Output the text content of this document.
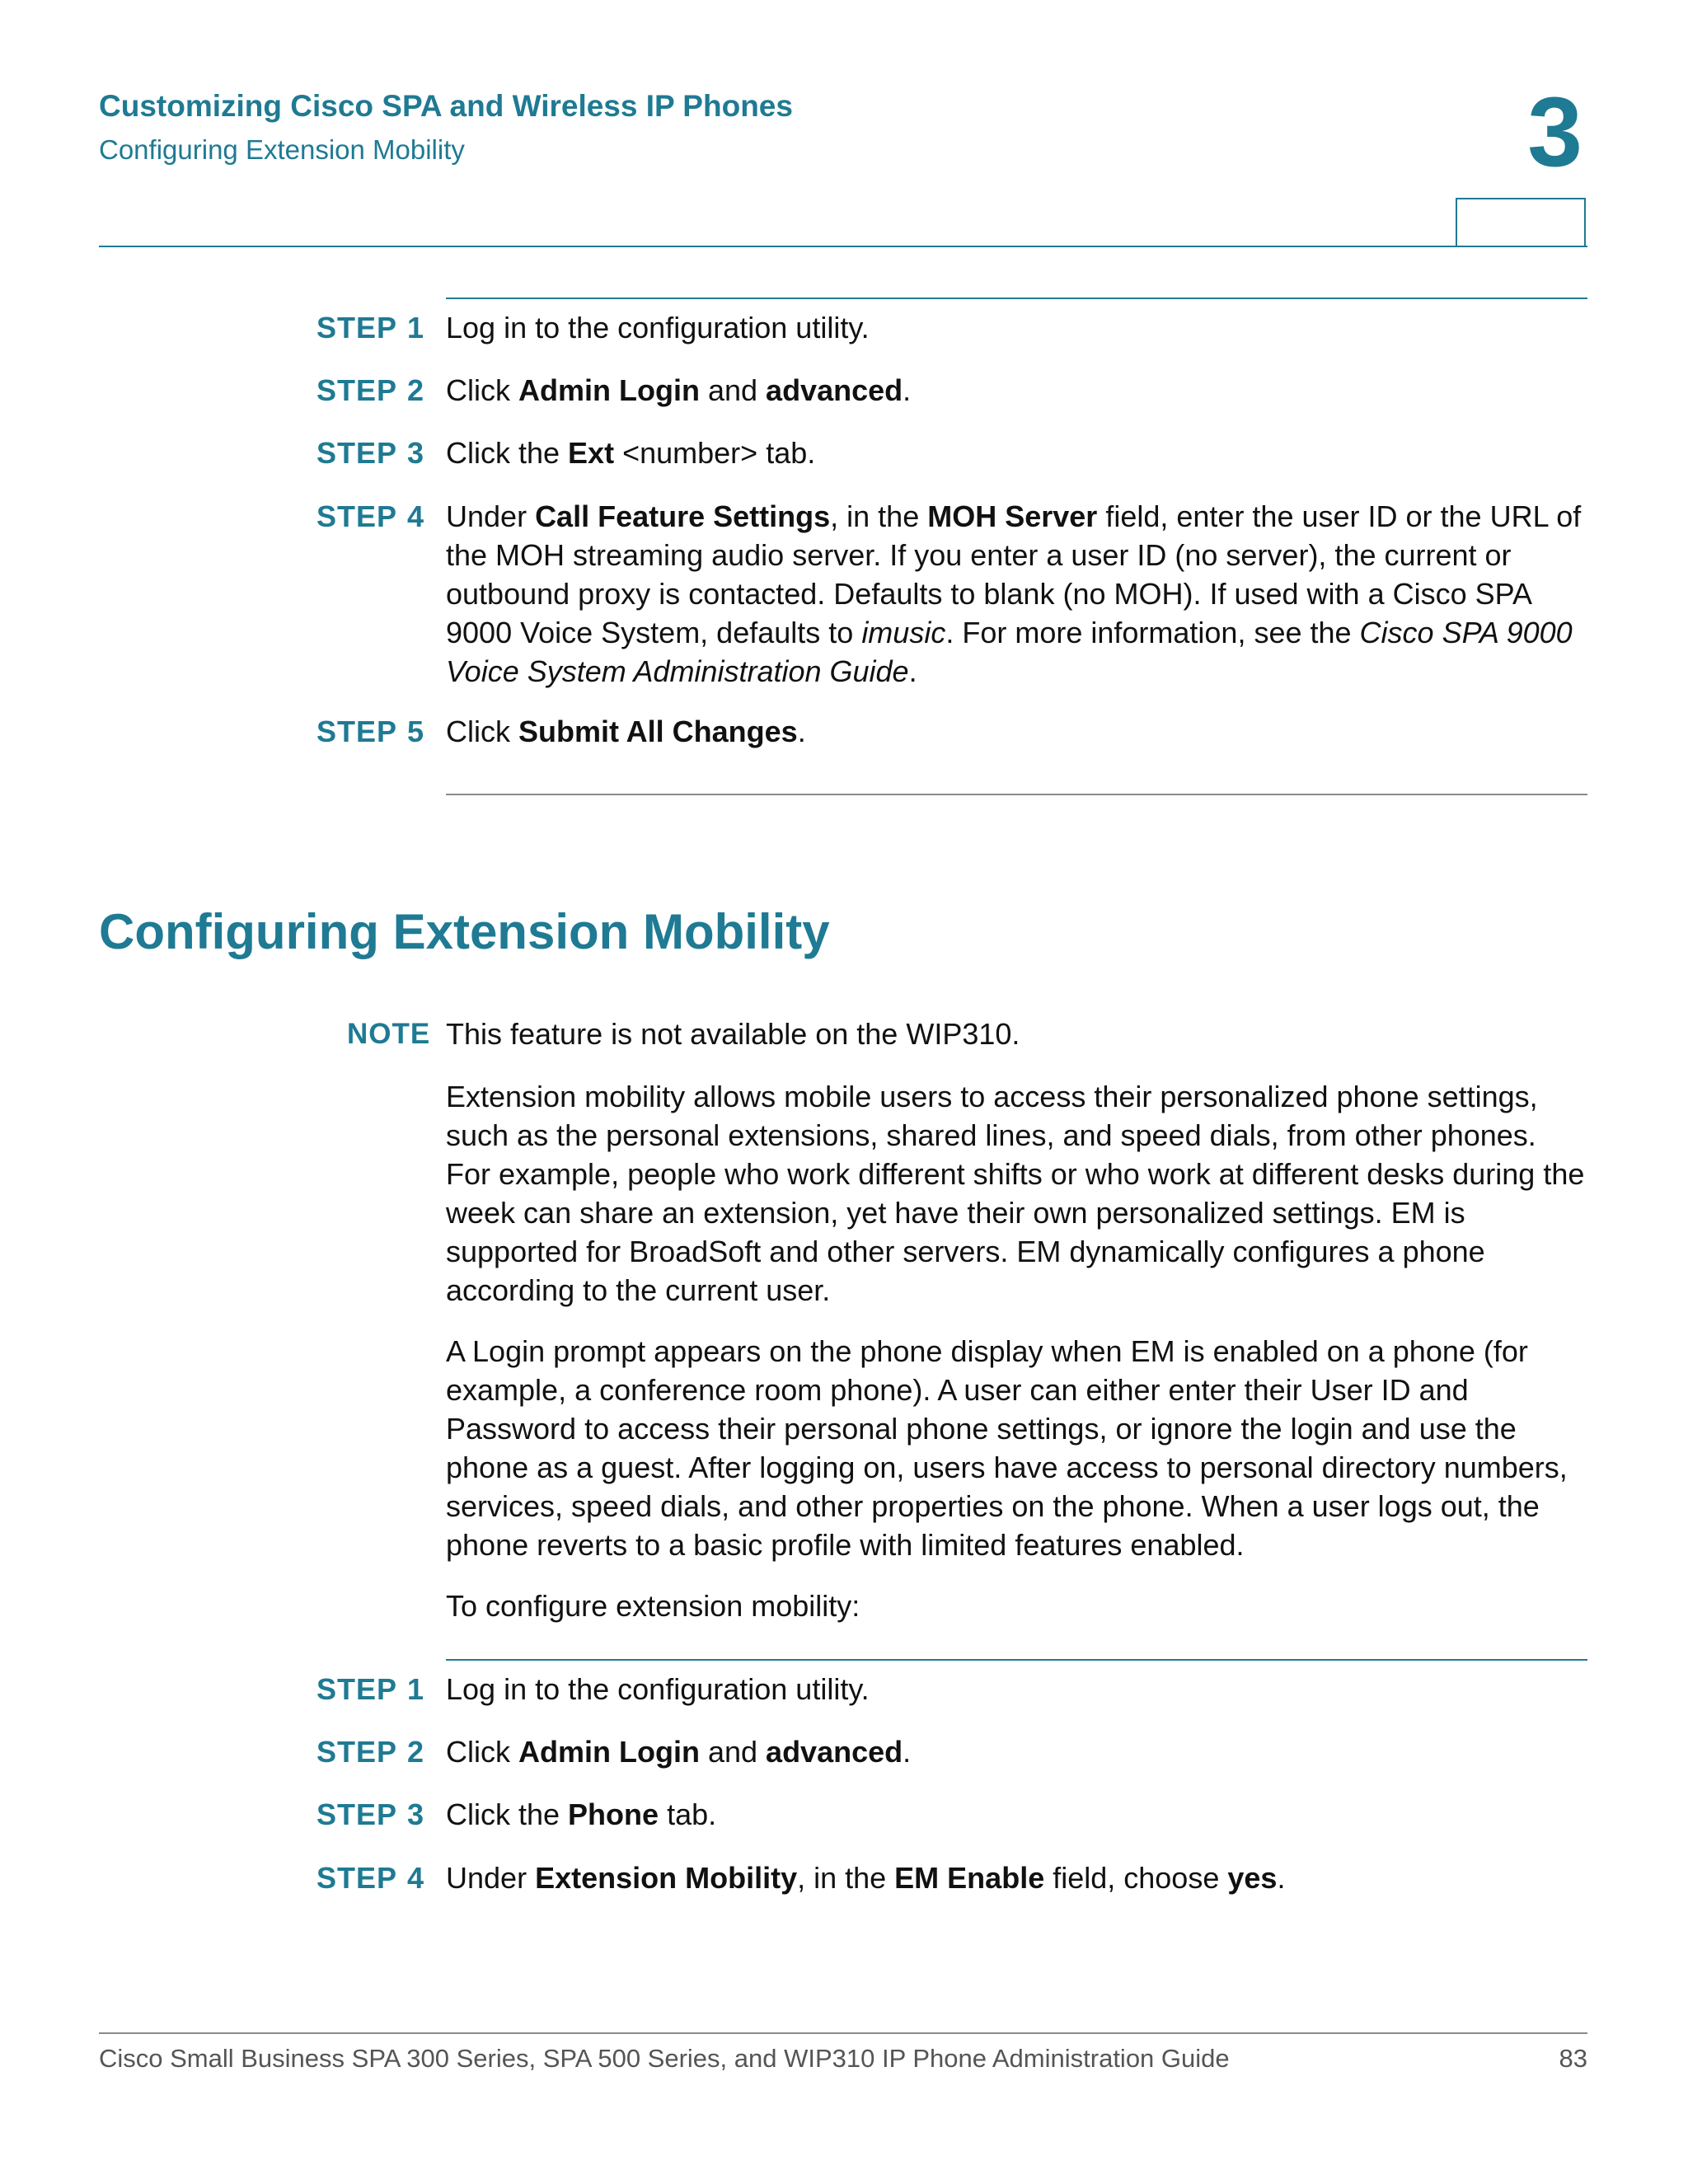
Customizing Cisco SPA and Wireless IP Phones
Configuring Extension Mobility	3
STEP 1 Log in to the configuration utility.
STEP 2 Click Admin Login and advanced.
STEP 3 Click the Ext <number> tab.
STEP 4 Under Call Feature Settings, in the MOH Server field, enter the user ID or the URL of the MOH streaming audio server. If you enter a user ID (no server), the current or outbound proxy is contacted. Defaults to blank (no MOH). If used with a Cisco SPA 9000 Voice System, defaults to imusic. For more information, see the Cisco SPA 9000 Voice System Administration Guide.
STEP 5 Click Submit All Changes.
Configuring Extension Mobility
NOTE This feature is not available on the WIP310.
Extension mobility allows mobile users to access their personalized phone settings, such as the personal extensions, shared lines, and speed dials, from other phones. For example, people who work different shifts or who work at different desks during the week can share an extension, yet have their own personalized settings. EM is supported for BroadSoft and other servers. EM dynamically configures a phone according to the current user.
A Login prompt appears on the phone display when EM is enabled on a phone (for example, a conference room phone). A user can either enter their User ID and Password to access their personal phone settings, or ignore the login and use the phone as a guest. After logging on, users have access to personal directory numbers, services, speed dials, and other properties on the phone. When a user logs out, the phone reverts to a basic profile with limited features enabled.
To configure extension mobility:
STEP 1 Log in to the configuration utility.
STEP 2 Click Admin Login and advanced.
STEP 3 Click the Phone tab.
STEP 4 Under Extension Mobility, in the EM Enable field, choose yes.
Cisco Small Business SPA 300 Series, SPA 500 Series, and WIP310 IP Phone Administration Guide	83
